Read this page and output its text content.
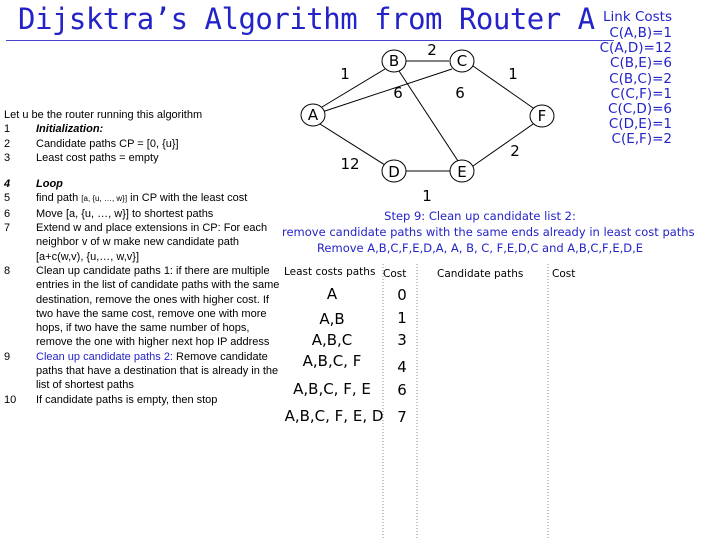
Dijsktra’s Algorithm from Router A Link Costs
C(A,B)=1
C(A,D)=12
C(B,E)=6
C(B,C)=2
C(C,F)=1
C(C,D)=6
C(D,E)=1
C(E,F)=2
A
B	C
D	E
F
1
6
12
2
6
1
1
2
Let u be the router running this algorithm
1	Initialization:
2	Candidate paths CP = [0, {u}]
3	Least cost paths = empty
4	Loop
5	find path [a, {u, …, w}] in CP with the least cost
6	Move [a, {u, …, w}] to shortest paths
7	Extend w and place extensions in CP: For each neighbor v of w make new candidate path [a+c(w,v), {u,…, w,v}]
8	Clean up candidate paths 1: if there are multiple entries in the list of candidate paths with the same destination, remove the ones with higher cost. If two have the same cost, remove one with more hops, if two have the same number of hops, remove the one with higher next hop IP address
9	Clean up candidate paths 2: Remove candidate paths that have a destination that is already in the list of shortest paths
10	If candidate paths is empty, then stop
Step 9: Clean up candidate list 2:
remove candidate paths with the same ends already in least cost paths
Remove A,B,C,F,E,D,A, A, B, C, F,E,D,C and A,B,C,F,E,D,E
Least costs paths Cost	Candidate paths	Cost
A	0
A,B	1
A,B,C	3
A,B,C, F	4
A,B,C, F, E	6
A,B,C, F, E, D 7
